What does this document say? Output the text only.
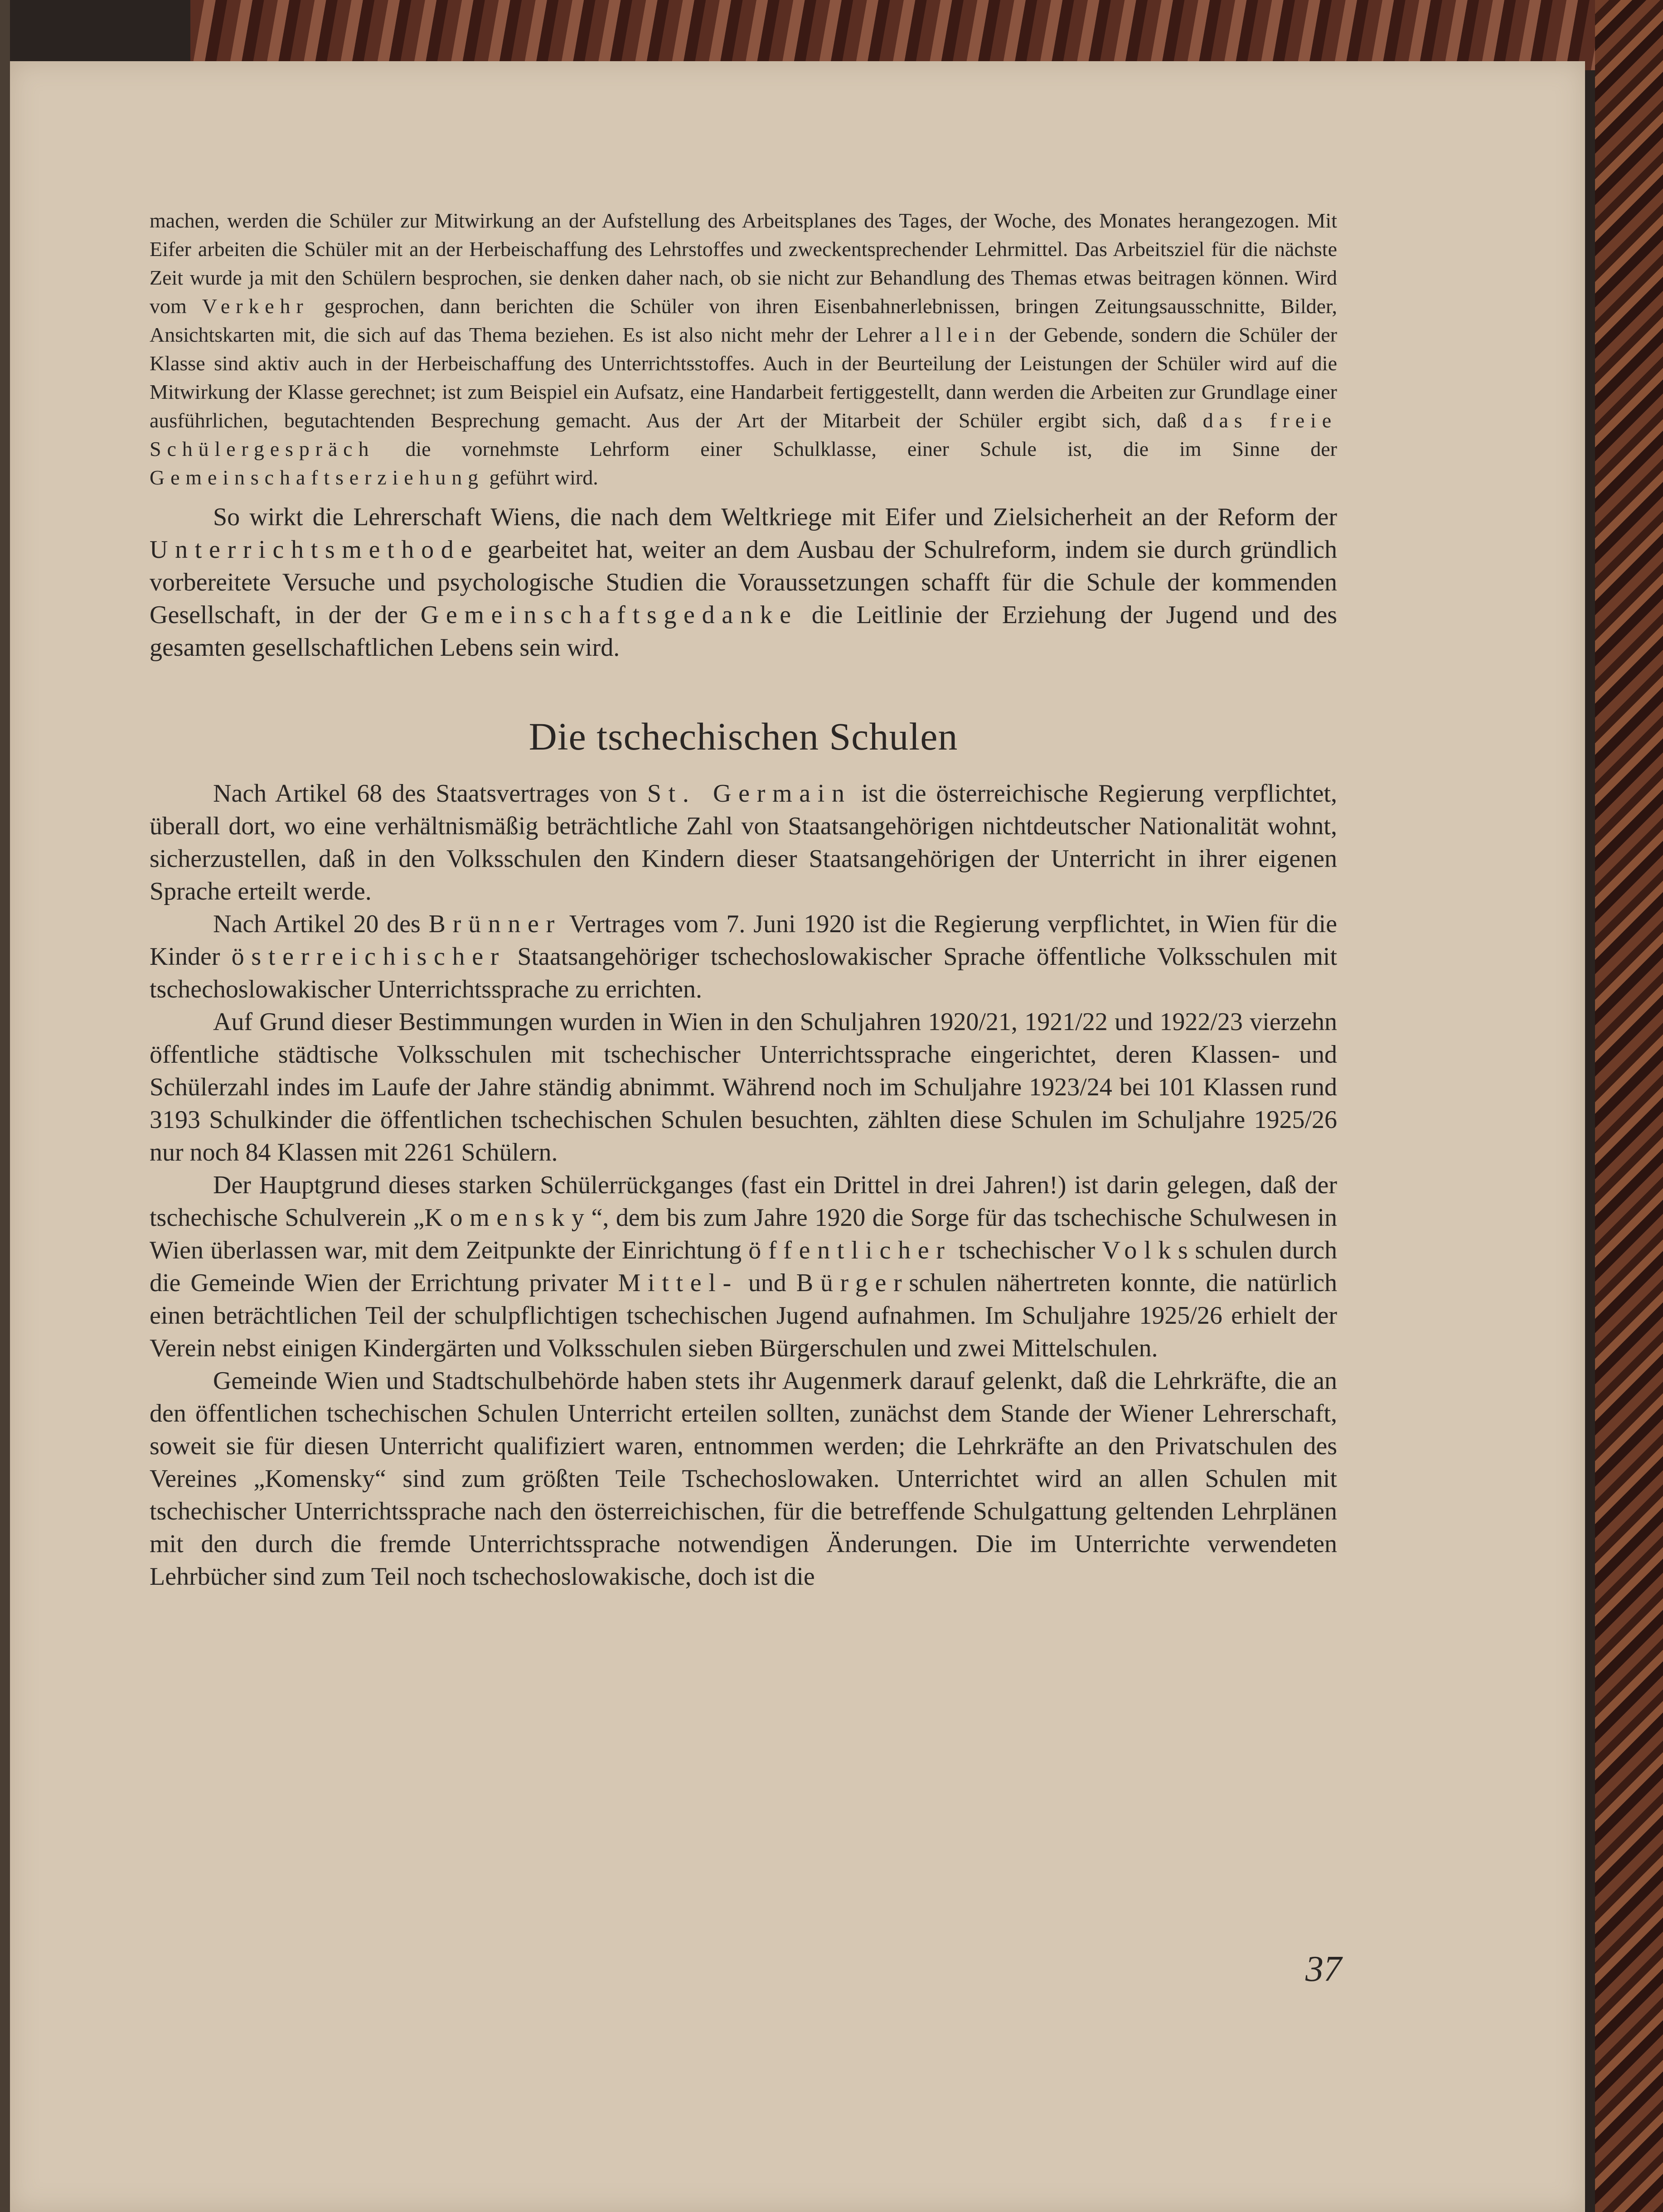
machen, werden die Schüler zur Mitwirkung an der Aufstellung des Arbeitsplanes des Tages, der Woche, des Monates herangezogen. Mit Eifer arbeiten die Schüler mit an der Herbeischaffung des Lehrstoffes und zweckentsprechender Lehrmittel. Das Arbeitsziel für die nächste Zeit wurde ja mit den Schülern besprochen, sie denken daher nach, ob sie nicht zur Behandlung des Themas etwas beitragen können. Wird vom Verkehr gesprochen, dann berichten die Schüler von ihren Eisenbahnerlebnissen, bringen Zeitungsausschnitte, Bilder, Ansichtskarten mit, die sich auf das Thema beziehen. Es ist also nicht mehr der Lehrer allein der Gebende, sondern die Schüler der Klasse sind aktiv auch in der Herbeischaffung des Unterrichtsstoffes. Auch in der Beurteilung der Leistungen der Schüler wird auf die Mitwirkung der Klasse gerechnet; ist zum Beispiel ein Aufsatz, eine Handarbeit fertiggestellt, dann werden die Arbeiten zur Grundlage einer ausführlichen, begutachtenden Besprechung gemacht. Aus der Art der Mitarbeit der Schüler ergibt sich, daß das freie Schülergespräch die vornehmste Lehrform einer Schulklasse, einer Schule ist, die im Sinne der Gemeinschaftserziehung geführt wird.

So wirkt die Lehrerschaft Wiens, die nach dem Weltkriege mit Eifer und Zielsicherheit an der Reform der Unterrichtsmethode gearbeitet hat, weiter an dem Ausbau der Schulreform, indem sie durch gründlich vorbereitete Versuche und psychologische Studien die Voraussetzungen schafft für die Schule der kommenden Gesellschaft, in der der Gemeinschaftsgedanke die Leitlinie der Erziehung der Jugend und des gesamten gesellschaftlichen Lebens sein wird.

Die tschechischen Schulen

Nach Artikel 68 des Staatsvertrages von St. Germain ist die österreichische Regierung verpflichtet, überall dort, wo eine verhältnismäßig beträchtliche Zahl von Staatsangehörigen nichtdeutscher Nationalität wohnt, sicherzustellen, daß in den Volksschulen den Kindern dieser Staatsangehörigen der Unterricht in ihrer eigenen Sprache erteilt werde.

Nach Artikel 20 des Brünner Vertrages vom 7. Juni 1920 ist die Regierung verpflichtet, in Wien für die Kinder österreichischer Staatsangehöriger tschechoslowakischer Sprache öffentliche Volksschulen mit tschechoslowakischer Unterrichtssprache zu errichten.

Auf Grund dieser Bestimmungen wurden in Wien in den Schuljahren 1920/21, 1921/22 und 1922/23 vierzehn öffentliche städtische Volksschulen mit tschechischer Unterrichtssprache eingerichtet, deren Klassen- und Schülerzahl indes im Laufe der Jahre ständig abnimmt. Während noch im Schuljahre 1923/24 bei 101 Klassen rund 3193 Schulkinder die öffentlichen tschechischen Schulen besuchten, zählten diese Schulen im Schuljahre 1925/26 nur noch 84 Klassen mit 2261 Schülern.

Der Hauptgrund dieses starken Schülerrückganges (fast ein Drittel in drei Jahren!) ist darin gelegen, daß der tschechische Schulverein „Komensky“, dem bis zum Jahre 1920 die Sorge für das tschechische Schulwesen in Wien überlassen war, mit dem Zeitpunkte der Einrichtung öffentlicher tschechischer Volksschulen durch die Gemeinde Wien der Errichtung privater Mittel- und Bürgerschulen nähertreten konnte, die natürlich einen beträchtlichen Teil der schulpflichtigen tschechischen Jugend aufnahmen. Im Schuljahre 1925/26 erhielt der Verein nebst einigen Kindergärten und Volksschulen sieben Bürgerschulen und zwei Mittelschulen.

Gemeinde Wien und Stadtschulbehörde haben stets ihr Augenmerk darauf gelenkt, daß die Lehrkräfte, die an den öffentlichen tschechischen Schulen Unterricht erteilen sollten, zunächst dem Stande der Wiener Lehrerschaft, soweit sie für diesen Unterricht qualifiziert waren, entnommen werden; die Lehrkräfte an den Privatschulen des Vereines „Komensky“ sind zum größten Teile Tschechoslowaken. Unterrichtet wird an allen Schulen mit tschechischer Unterrichtssprache nach den österreichischen, für die betreffende Schulgattung geltenden Lehrplänen mit den durch die fremde Unterrichtssprache notwendigen Änderungen. Die im Unterrichte verwendeten Lehrbücher sind zum Teil noch tschechoslowakische, doch ist die

37
